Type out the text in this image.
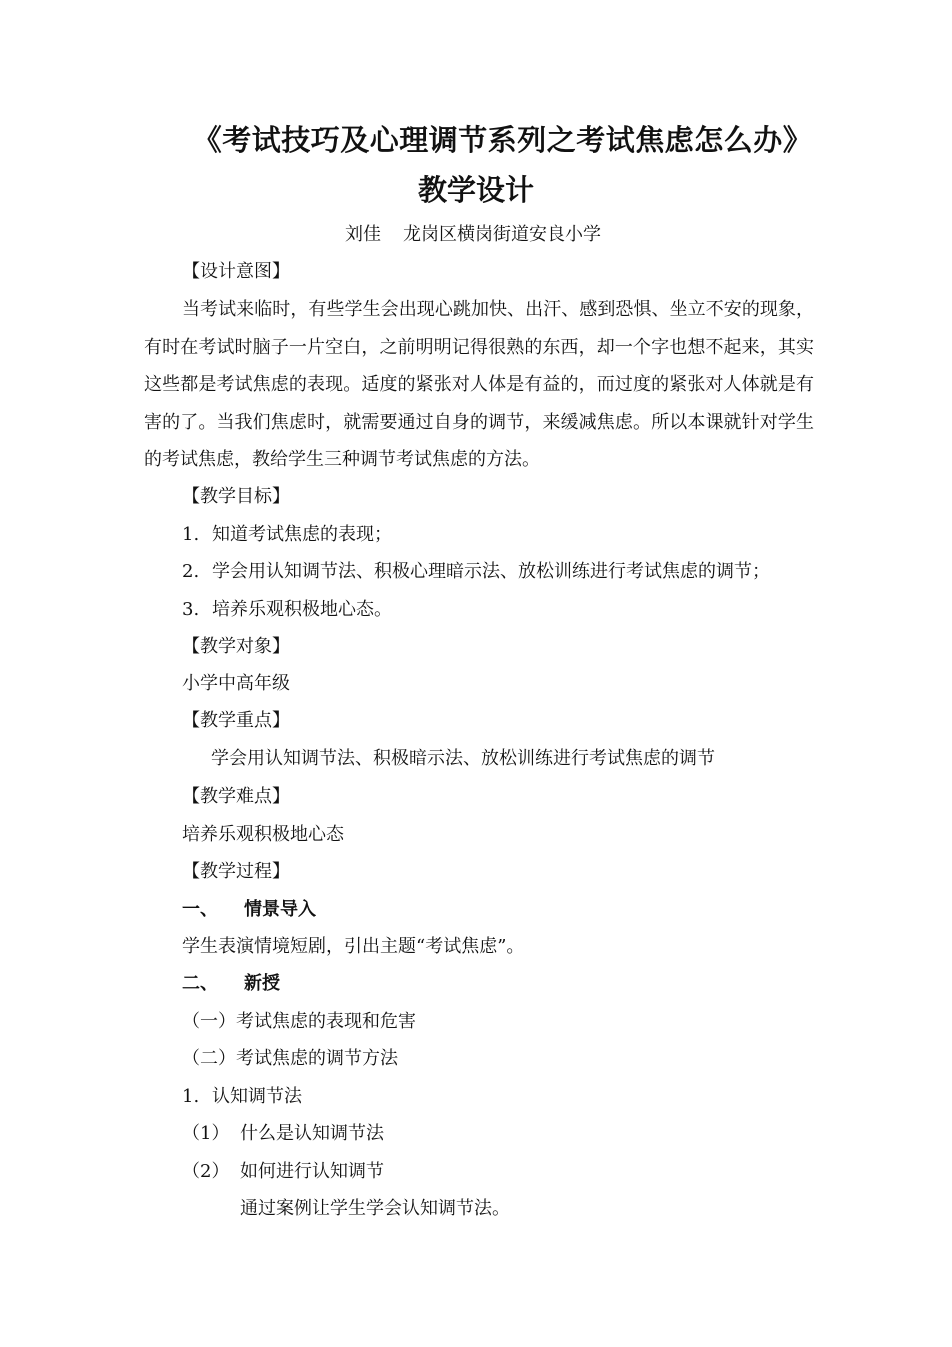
《考试技巧及心理调节系列之考试焦虑怎么办》
教学设计
刘佳 龙岗区横岗街道安良小学
【设计意图】
当考试来临时，有些学生会出现心跳加快、出汗、感到恐惧、坐立不安的现象，有时在考试时脑子一片空白，之前明明记得很熟的东西，却一个字也想不起来，其实这些都是考试焦虑的表现。适度的紧张对人体是有益的，而过度的紧张对人体就是有害的了。当我们焦虑时，就需要通过自身的调节，来缓减焦虑。所以本课就针对学生的考试焦虑，教给学生三种调节考试焦虑的方法。
【教学目标】
1. 知道考试焦虑的表现；
2. 学会用认知调节法、积极心理暗示法、放松训练进行考试焦虑的调节；
3. 培养乐观积极地心态。
【教学对象】
小学中高年级
【教学重点】
学会用认知调节法、积极暗示法、放松训练进行考试焦虑的调节
【教学难点】
培养乐观积极地心态
【教学过程】
一、 情景导入
学生表演情境短剧，引出主题“考试焦虑”。
二、 新授
（一）考试焦虑的表现和危害
（二）考试焦虑的调节方法
1. 认知调节法
（1） 什么是认知调节法
（2） 如何进行认知调节
通过案例让学生学会认知调节法。
